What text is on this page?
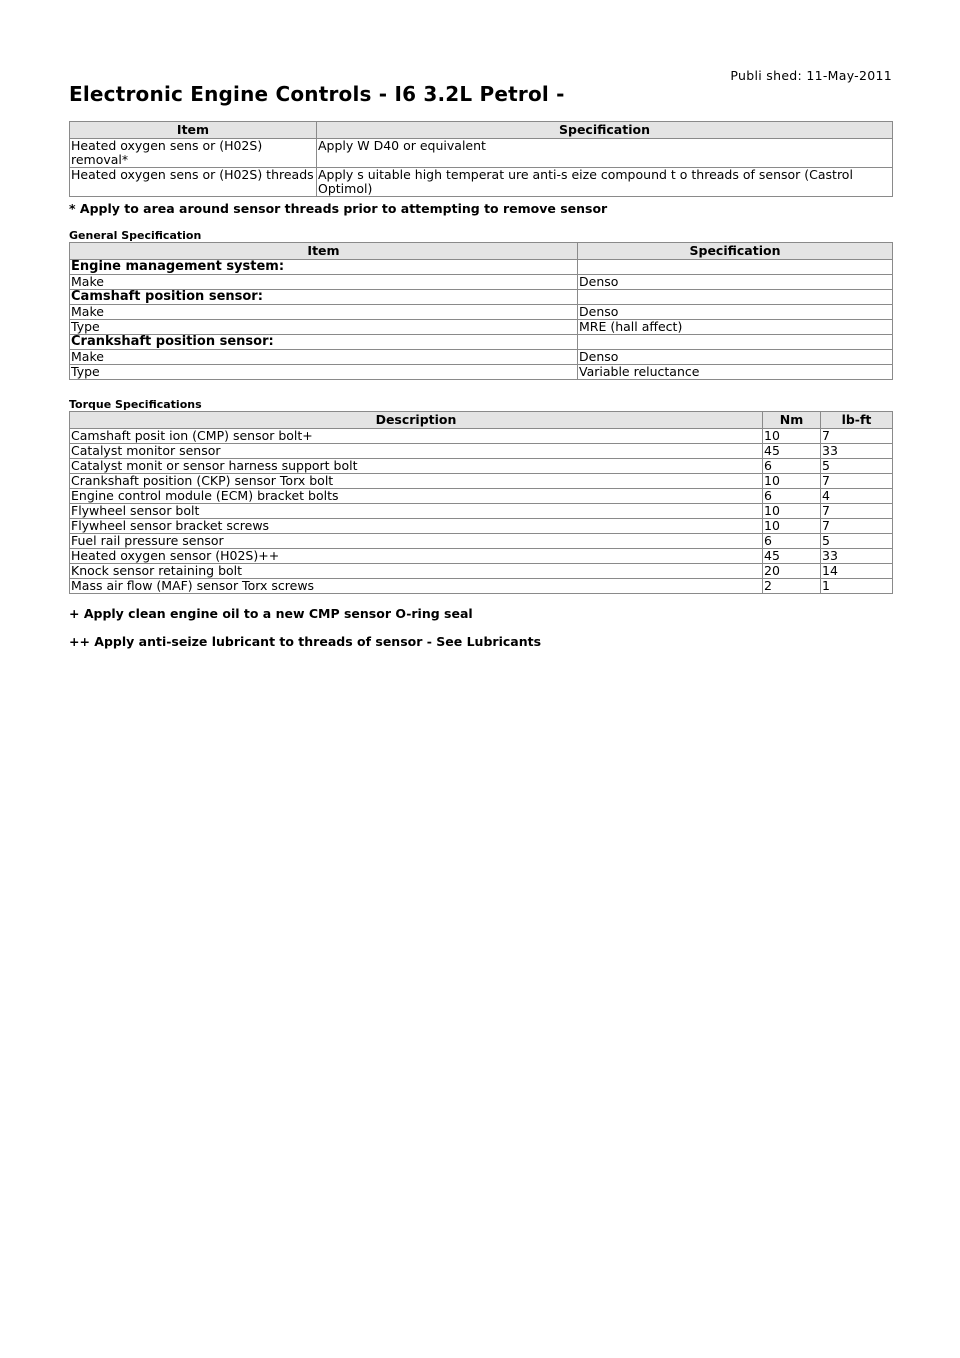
Publi shed: 11-May-2011
Electronic Engine Controls - I6 3.2L Petrol -
Item	Specification
Heated oxygen sens or (H02S) removal*	Apply W D40 or equivalent
Heated oxygen sens or (H02S) threads	Apply s uitable high temperat ure anti-s eize compound t o threads of sensor (Castrol Optimol)

* Apply to area around sensor threads prior to attempting to remove sensor

General Specification

Item	Specification
Engine management system:	
Make	Denso
Camshaft position sensor:	
Make	Denso
Type	MRE (hall affect)
Crankshaft position sensor:	
Make	Denso
Type	Variable reluctance

Torque Specifications

Description	Nm	lb-ft
Camshaft posit ion (CMP) sensor bolt+	10	7
Catalyst monitor sensor	45	33
Catalyst monit or sensor harness support bolt	6	5
Crankshaft position (CKP) sensor Torx bolt	10	7
Engine control module (ECM) bracket bolts	6	4
Flywheel sensor bolt	10	7
Flywheel sensor bracket screws	10	7
Fuel rail pressure sensor	6	5
Heated oxygen sensor (H02S)++	45	33
Knock sensor retaining bolt	20	14
Mass air flow (MAF) sensor Torx screws	2	1

+ Apply clean engine oil to a new CMP sensor O-ring seal

++ Apply anti-seize lubricant to threads of sensor - See Lubricants
